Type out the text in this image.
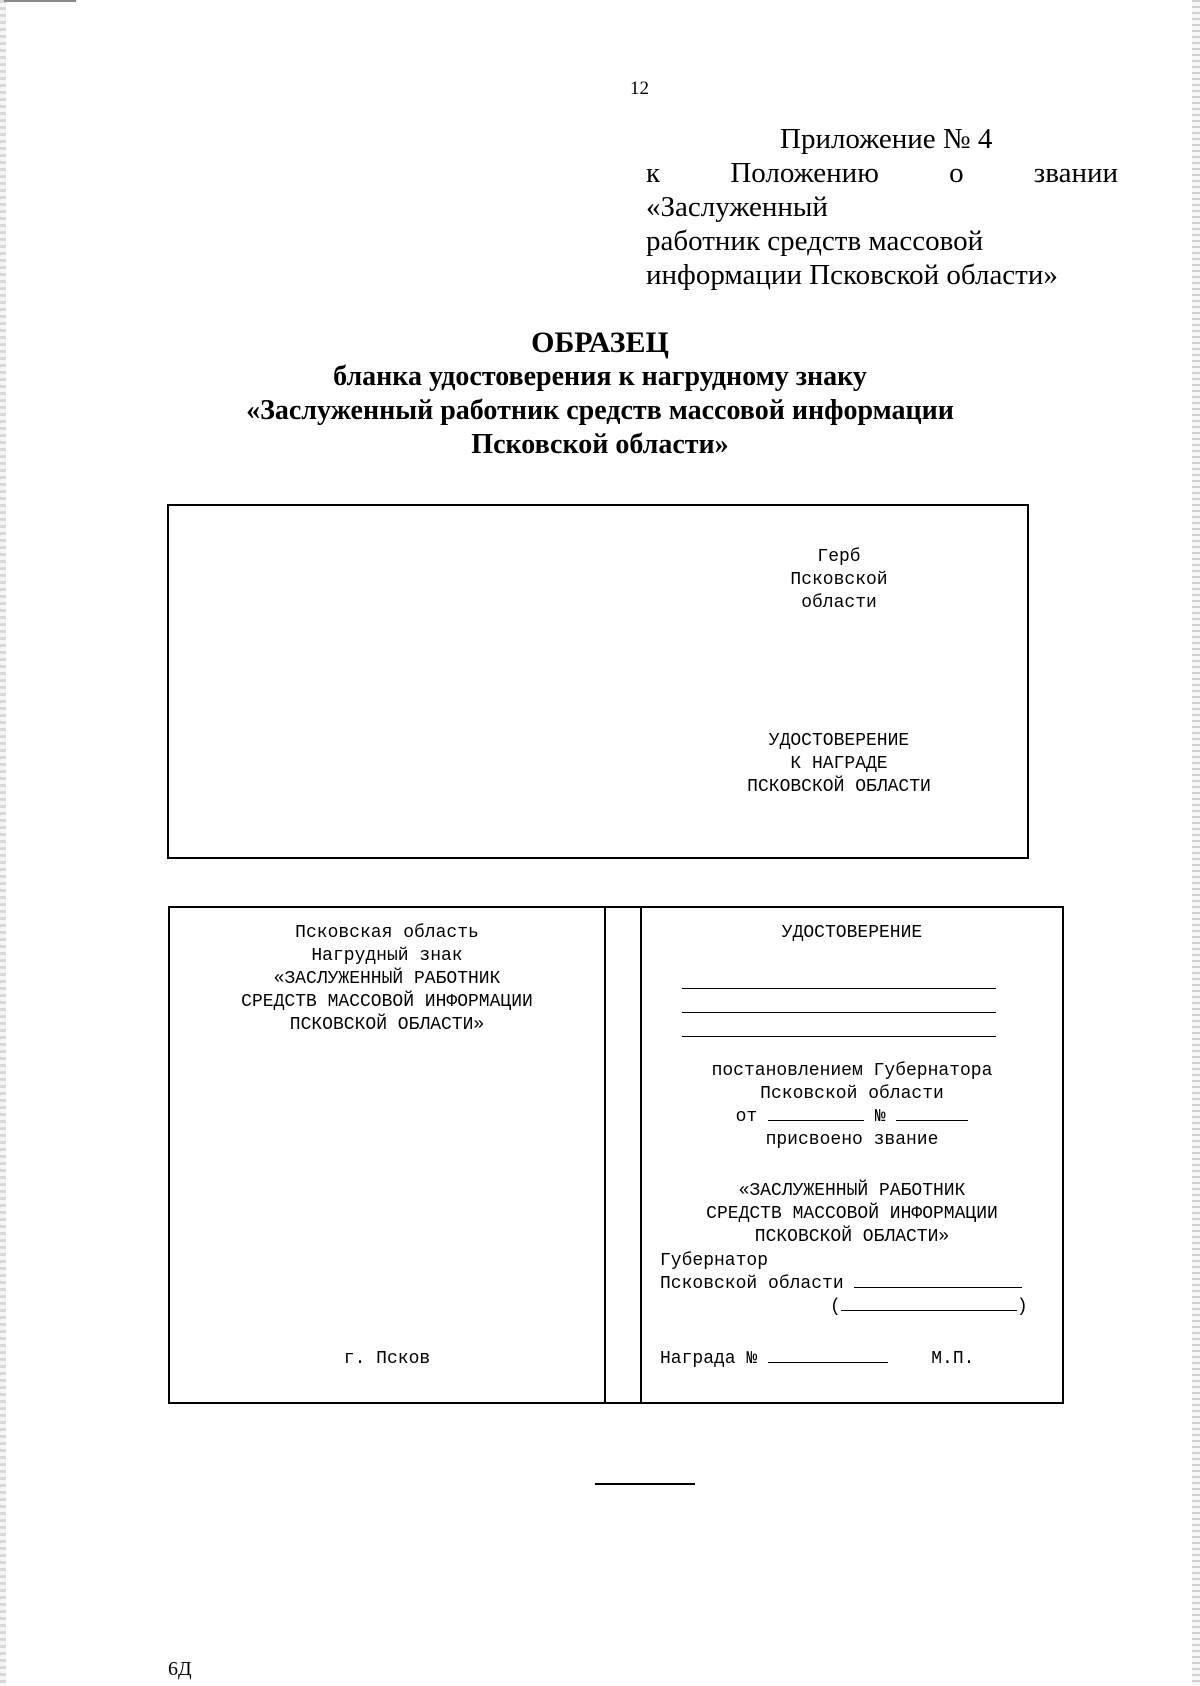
12
Приложение № 4
к Положению о звании «Заслуженный
работник средств массовой
информации Псковской области»
ОБРАЗЕЦ
бланка удостоверения к нагрудному знаку
«Заслуженный работник средств массовой информации
Псковской области»
Герб
Псковской
области
УДОСТОВЕРЕНИЕ
К НАГРАДЕ
ПСКОВСКОЙ ОБЛАСТИ
Псковская область
Нагрудный знак
«ЗАСЛУЖЕННЫЙ РАБОТНИК
СРЕДСТВ МАССОВОЙ ИНФОРМАЦИИ
ПСКОВСКОЙ ОБЛАСТИ»
г. Псков
УДОСТОВЕРЕНИЕ
постановлением Губернатора
Псковской области
от	№
присвоено звание
«ЗАСЛУЖЕННЫЙ РАБОТНИК
СРЕДСТВ МАССОВОЙ ИНФОРМАЦИИ
ПСКОВСКОЙ ОБЛАСТИ»
Губернатор
Псковской области
(	)
Награда №	М.П.
6Д
